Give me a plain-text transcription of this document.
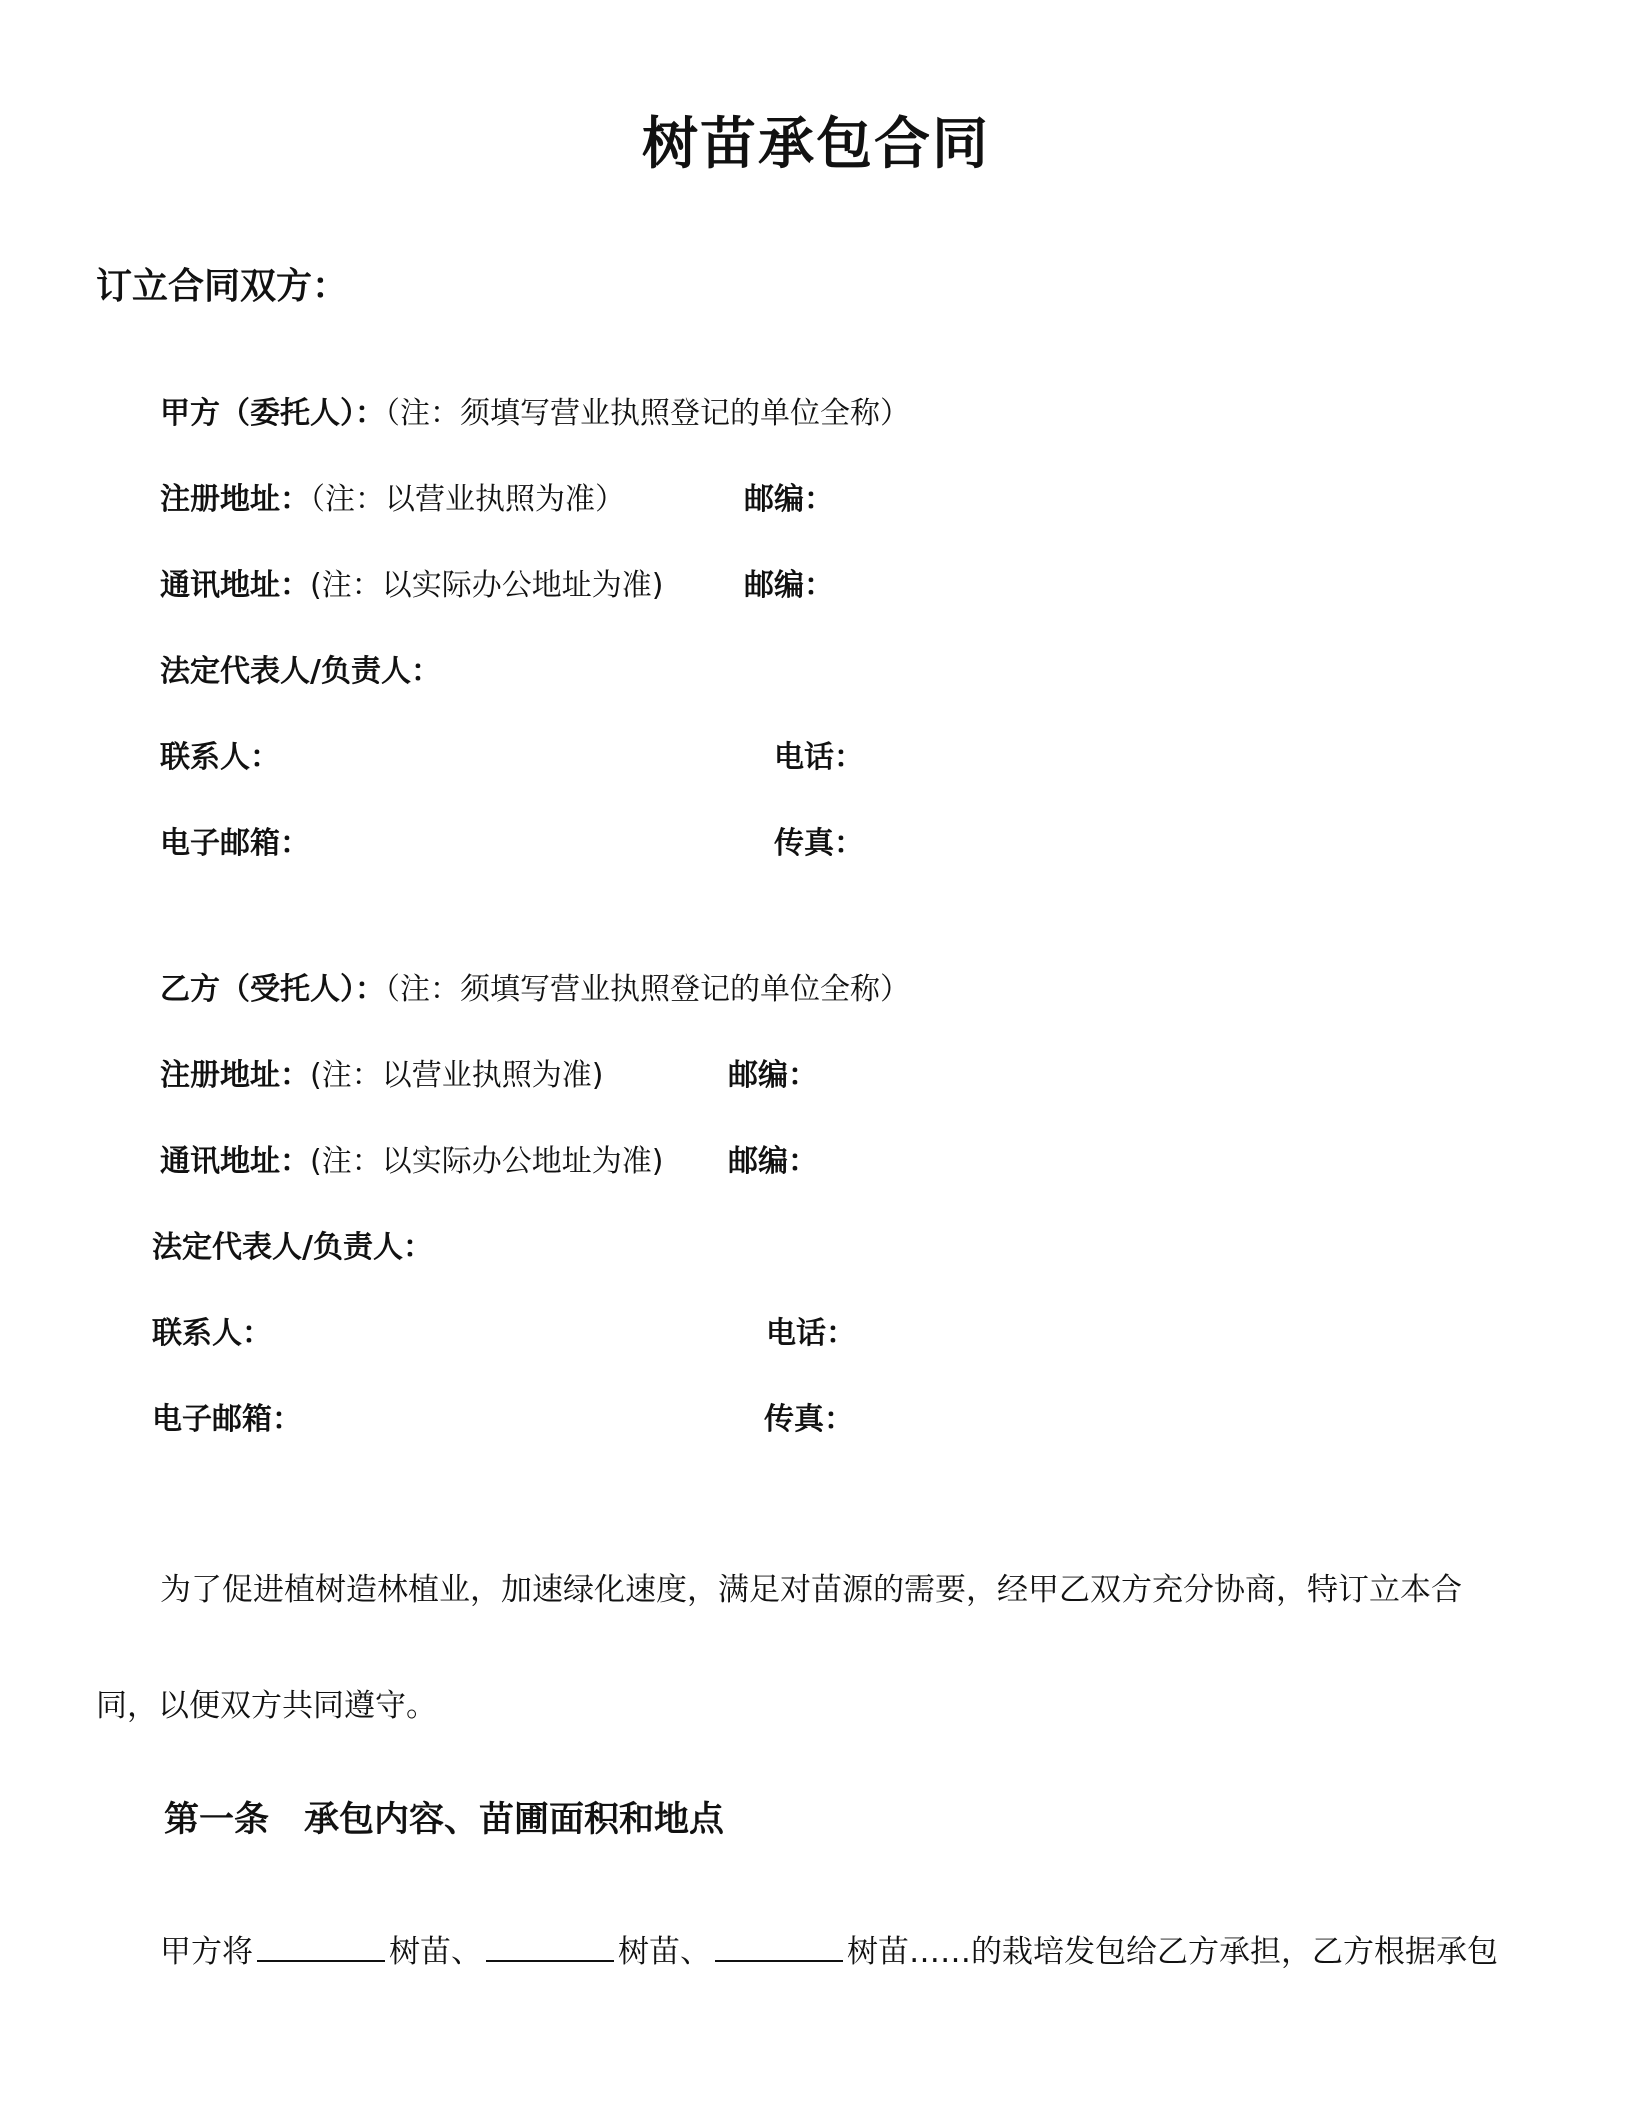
树苗承包合同
订立合同双方：
甲方（委托人）：（注：须填写营业执照登记的单位全称）
注册地址：（注：以营业执照为准）	邮编：
通讯地址：(注：以实际办公地址为准)	邮编：
法定代表人/负责人：
联系人：	电话：
电子邮箱：	传真：
乙方（受托人）：（注：须填写营业执照登记的单位全称）
注册地址：(注：以营业执照为准)	邮编：
通讯地址：(注：以实际办公地址为准) 邮编：
法定代表人/负责人：
联系人：	电话：
电子邮箱：	传真：
为了促进植树造林植业，加速绿化速度，满足对苗源的需要，经甲乙双方充分协商，特订立本合
同，以便双方共同遵守。
第一条　承包内容、苗圃面积和地点
甲方将	树苗、	树苗、	树苗……的栽培发包给乙方承担，乙方根据承包
